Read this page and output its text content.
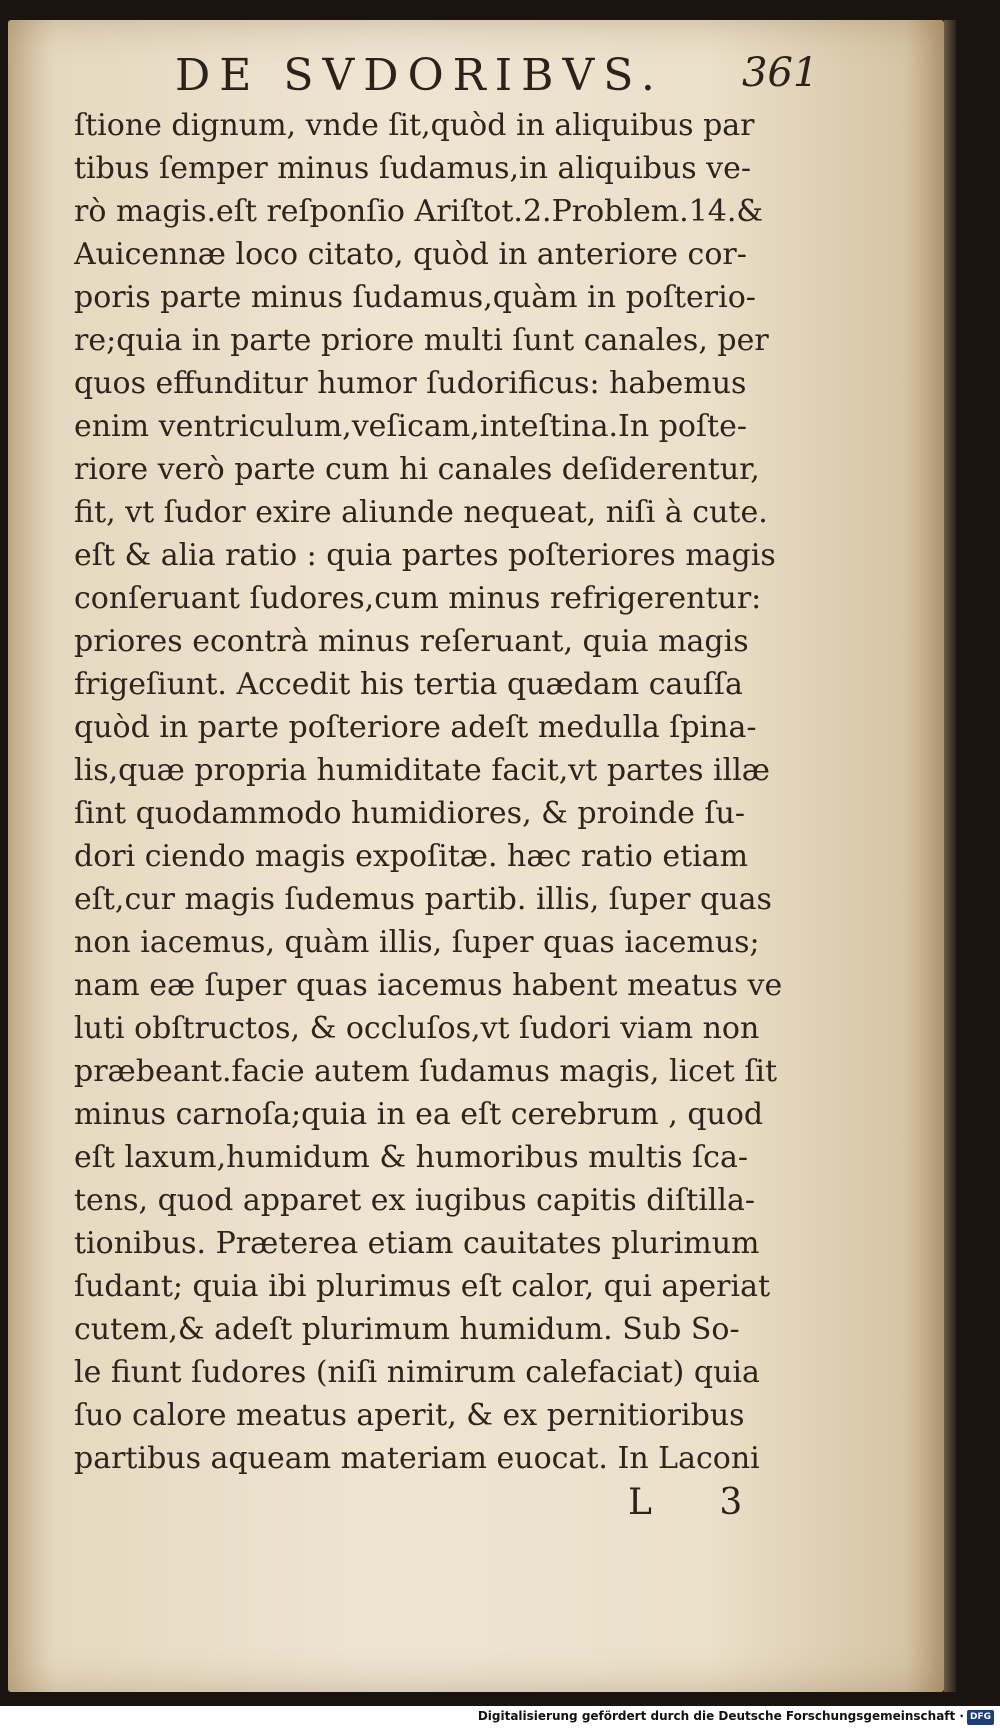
DE SVDORIBVS. 361
ſtione dignum, vnde ſit,quòd in aliquibus par
tibus ſemper minus ſudamus,in aliquibus ve-
rò magis.eſt reſponſio Ariſtot.2.Problem.14.&
Auicennæ loco citato, quòd in anteriore cor-
poris parte minus ſudamus,quàm in poſterio-
re;quia in parte priore multi ſunt canales, per
quos effunditur humor ſudorificus: habemus
enim ventriculum,veſicam,inteſtina.In poſte-
riore verò parte cum hi canales deſiderentur,
fit, vt ſudor exire aliunde nequeat, niſi à cute.
eſt & alia ratio : quia partes poſteriores magis
conſeruant ſudores,cum minus refrigerentur:
priores econtrà minus reſeruant, quia magis
frigeſiunt. Accedit his tertia quædam cauſſa
quòd in parte poſteriore adeſt medulla ſpina-
lis,quæ propria humiditate facit,vt partes illæ
ſint quodammodo humidiores, & proinde ſu-
dori ciendo magis expoſitæ. hæc ratio etiam
eſt,cur magis ſudemus partib. illis, ſuper quas
non iacemus, quàm illis, ſuper quas iacemus;
nam eæ ſuper quas iacemus habent meatus ve
luti obſtructos, & occluſos,vt ſudori viam non
præbeant.facie autem ſudamus magis, licet ſit
minus carnoſa;quia in ea eſt cerebrum , quod
eſt laxum,humidum & humoribus multis ſca-
tens, quod apparet ex iugibus capitis diſtilla-
tionibus. Præterea etiam cauitates plurimum
ſudant; quia ibi plurimus eſt calor, qui aperiat
cutem,& adeſt plurimum humidum. Sub So-
le fiunt ſudores (niſi nimirum calefaciat) quia
ſuo calore meatus aperit, & ex pernitioribus
partibus aqueam materiam euocat. In Laconi
L 3
Digitalisierung gefördert durch die Deutsche Forschungsgemeinschaft · DFG
